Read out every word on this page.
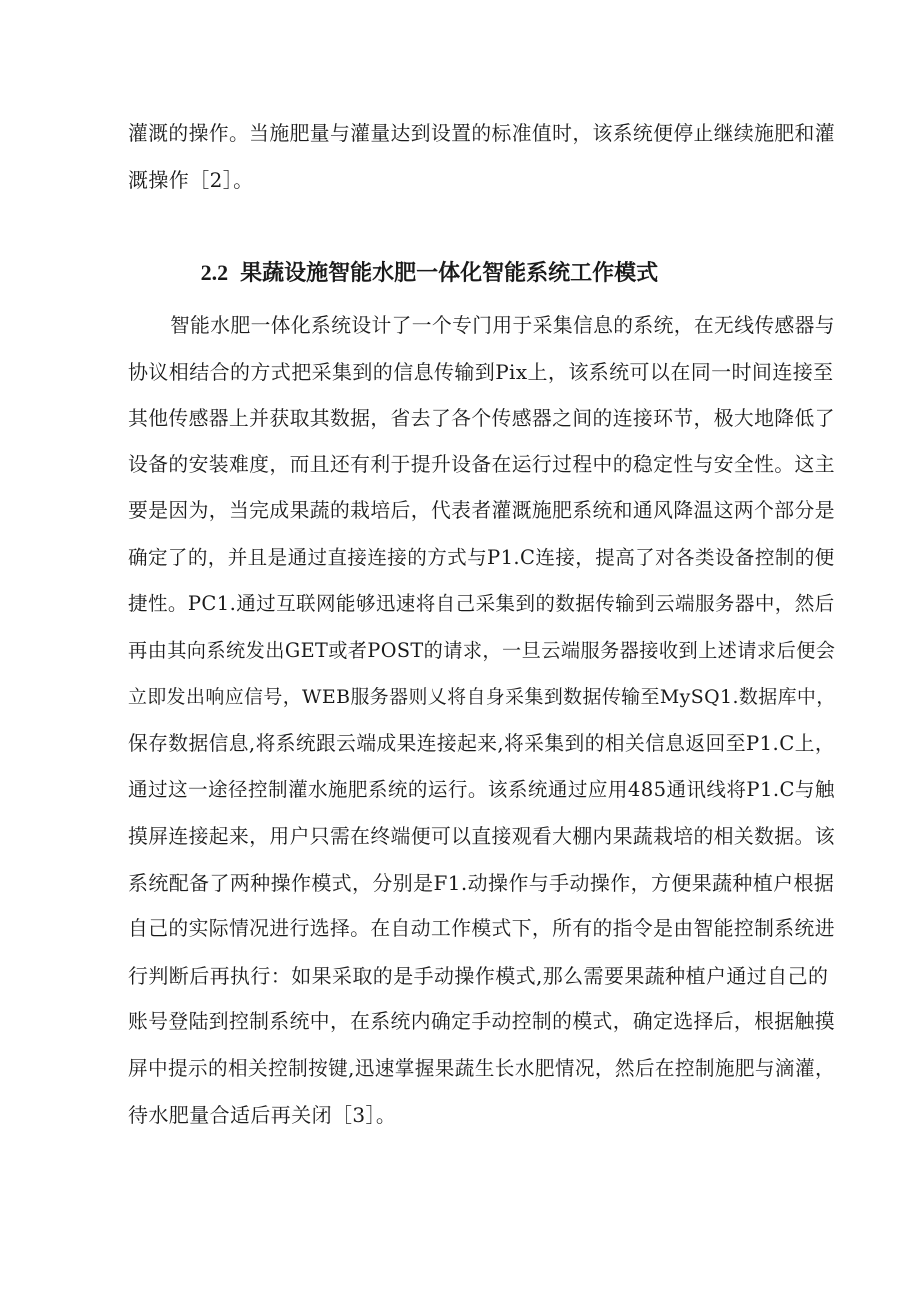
灌溉的操作。当施肥量与灌量达到设置的标准值时，该系统便停止继续施肥和灌
溉操作［2］。

2.2 果蔬设施智能水肥一体化智能系统工作模式

智能水肥一体化系统设计了一个专门用于采集信息的系统，在无线传感器与
协议相结合的方式把采集到的信息传输到Pix上，该系统可以在同一时间连接至
其他传感器上并获取其数据，省去了各个传感器之间的连接环节，极大地降低了
设备的安装难度，而且还有利于提升设备在运行过程中的稳定性与安全性。这主
要是因为，当完成果蔬的栽培后，代表者灌溉施肥系统和通风降温这两个部分是
确定了的，并且是通过直接连接的方式与P1.C连接，提高了对各类设备控制的便
捷性。PC1.通过互联网能够迅速将自己采集到的数据传输到云端服务器中，然后
再由其向系统发出GET或者POST的请求，一旦云端服务器接收到上述请求后便会
立即发出响应信号，WEB服务器则乂将自身采集到数据传输至MySQ1.数据库中，
保存数据信息,将系统跟云端成果连接起来,将采集到的相关信息返回至P1.C上，
通过这一途径控制灌水施肥系统的运行。该系统通过应用485通讯线将P1.C与触
摸屏连接起来，用户只需在终端便可以直接观看大棚内果蔬栽培的相关数据。该
系统配备了两种操作模式，分别是F1.动操作与手动操作，方便果蔬种植户根据
自己的实际情况进行选择。在自动工作模式下，所有的指令是由智能控制系统进
行判断后再执行：如果采取的是手动操作模式,那么需要果蔬种植户通过自己的
账号登陆到控制系统中，在系统内确定手动控制的模式，确定选择后，根据触摸
屏中提示的相关控制按键,迅速掌握果蔬生长水肥情况，然后在控制施肥与滴灌，
待水肥量合适后再关闭［3］。
